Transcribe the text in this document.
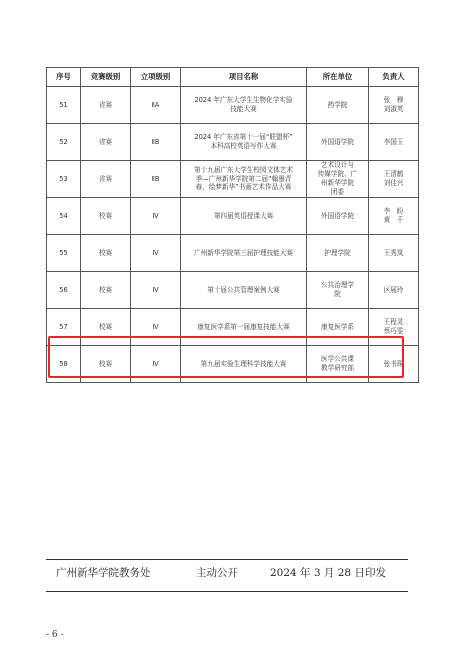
序号	竞赛级别	立项级别	项目名称	所在单位	负责人
51	省赛	ⅡA	2024 年广东大学生生物化学实验
技能大赛	药学院	张　穆
刘淑英

52	省赛	ⅡB	2024 年广东省第十一届“联盟杯”
本科高校英语写作大赛	外国语学院	李国玉

53	省赛	ⅡB	第十九届广东大学生校园文体艺术
季—广州新华学院第二届“翰墨青
春，绘梦新华”书画艺术作品大赛	艺术设计与
传媒学院、广
州新华学院
团委	王清鹤
刘佳兴

54	校赛	Ⅳ	第四届英语授课大赛	外国语学院	李　盼
黄　千

55	校赛	Ⅳ	广州新华学院第三届护理技能大赛	护理学院	王秀岚

56	校赛	Ⅳ	第十届公共管理案例大赛	公共治理学
院	区展玲

57	校赛	Ⅳ	康复医学系第一届康复技能大赛	康复医学系	王程灵
蔡巧雯

58	校赛	Ⅳ	第九届实验生理科学技能大赛	医学公共课
教学研究部	张书琛
广州新华学院教务处	主动公开	2024 年 3 月 28 日印发
- 6 -
